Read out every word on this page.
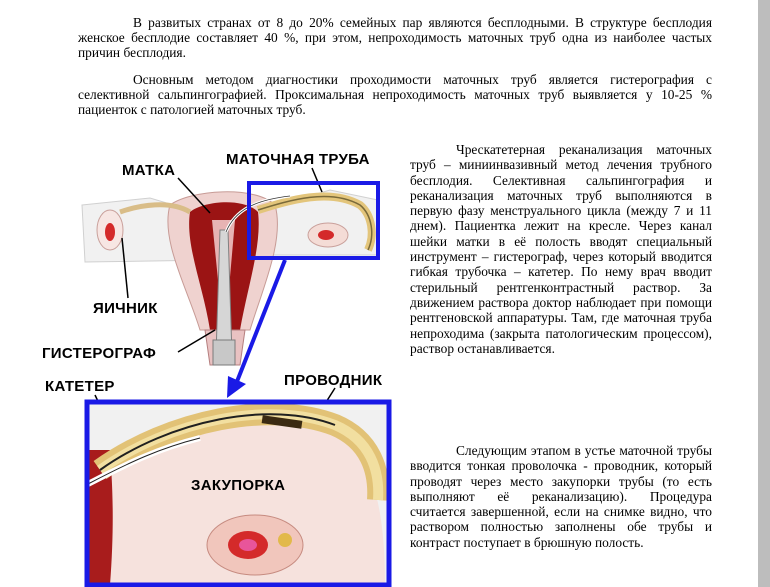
В развитых странах от 8 до 20% семейных пар являются бесплодными. В структуре бесплодия женское бесплодие составляет 40 %, при этом, непроходимость маточных труб одна из наиболее частых причин бесплодия.

Основным методом диагностики проходимости маточных труб является гистерография с селективной сальпингографией. Проксимальная непроходимость маточных труб выявляется у 10-25 % пациенток с патологией маточных труб.

Чрескатетерная реканализация маточных труб – миниинвазивный метод лечения трубного бесплодия. Селективная сальпингография и реканализация маточных труб выполняются в первую фазу менструального цикла (между 7 и 11 днем). Пациентка лежит на кресле. Через канал шейки матки в её полость вводят специальный инструмент – гистерограф, через который вводится гибкая трубочка – катетер. По нему врач вводит стерильный рентгенконтрастный раствор. За движением раствора доктор наблюдает при помощи рентгеновской аппаратуры. Там, где маточная труба непроходима (закрыта патологическим процессом), раствор останавливается.

Следующим этапом в устье маточной трубы вводится тонкая проволочка - проводник, который проводят через место закупорки трубы (то есть выполняют её реканализацию). Процедура считается завершенной, если на снимке видно, что раствором полностью заполнены обе трубы и контраст поступает в брюшную полость.

МАТКА
МАТОЧНАЯ ТРУБА
ЯИЧНИК
ГИСТЕРОГРАФ
КАТЕТЕР	ПРОВОДНИК
ЗАКУПОРКА
